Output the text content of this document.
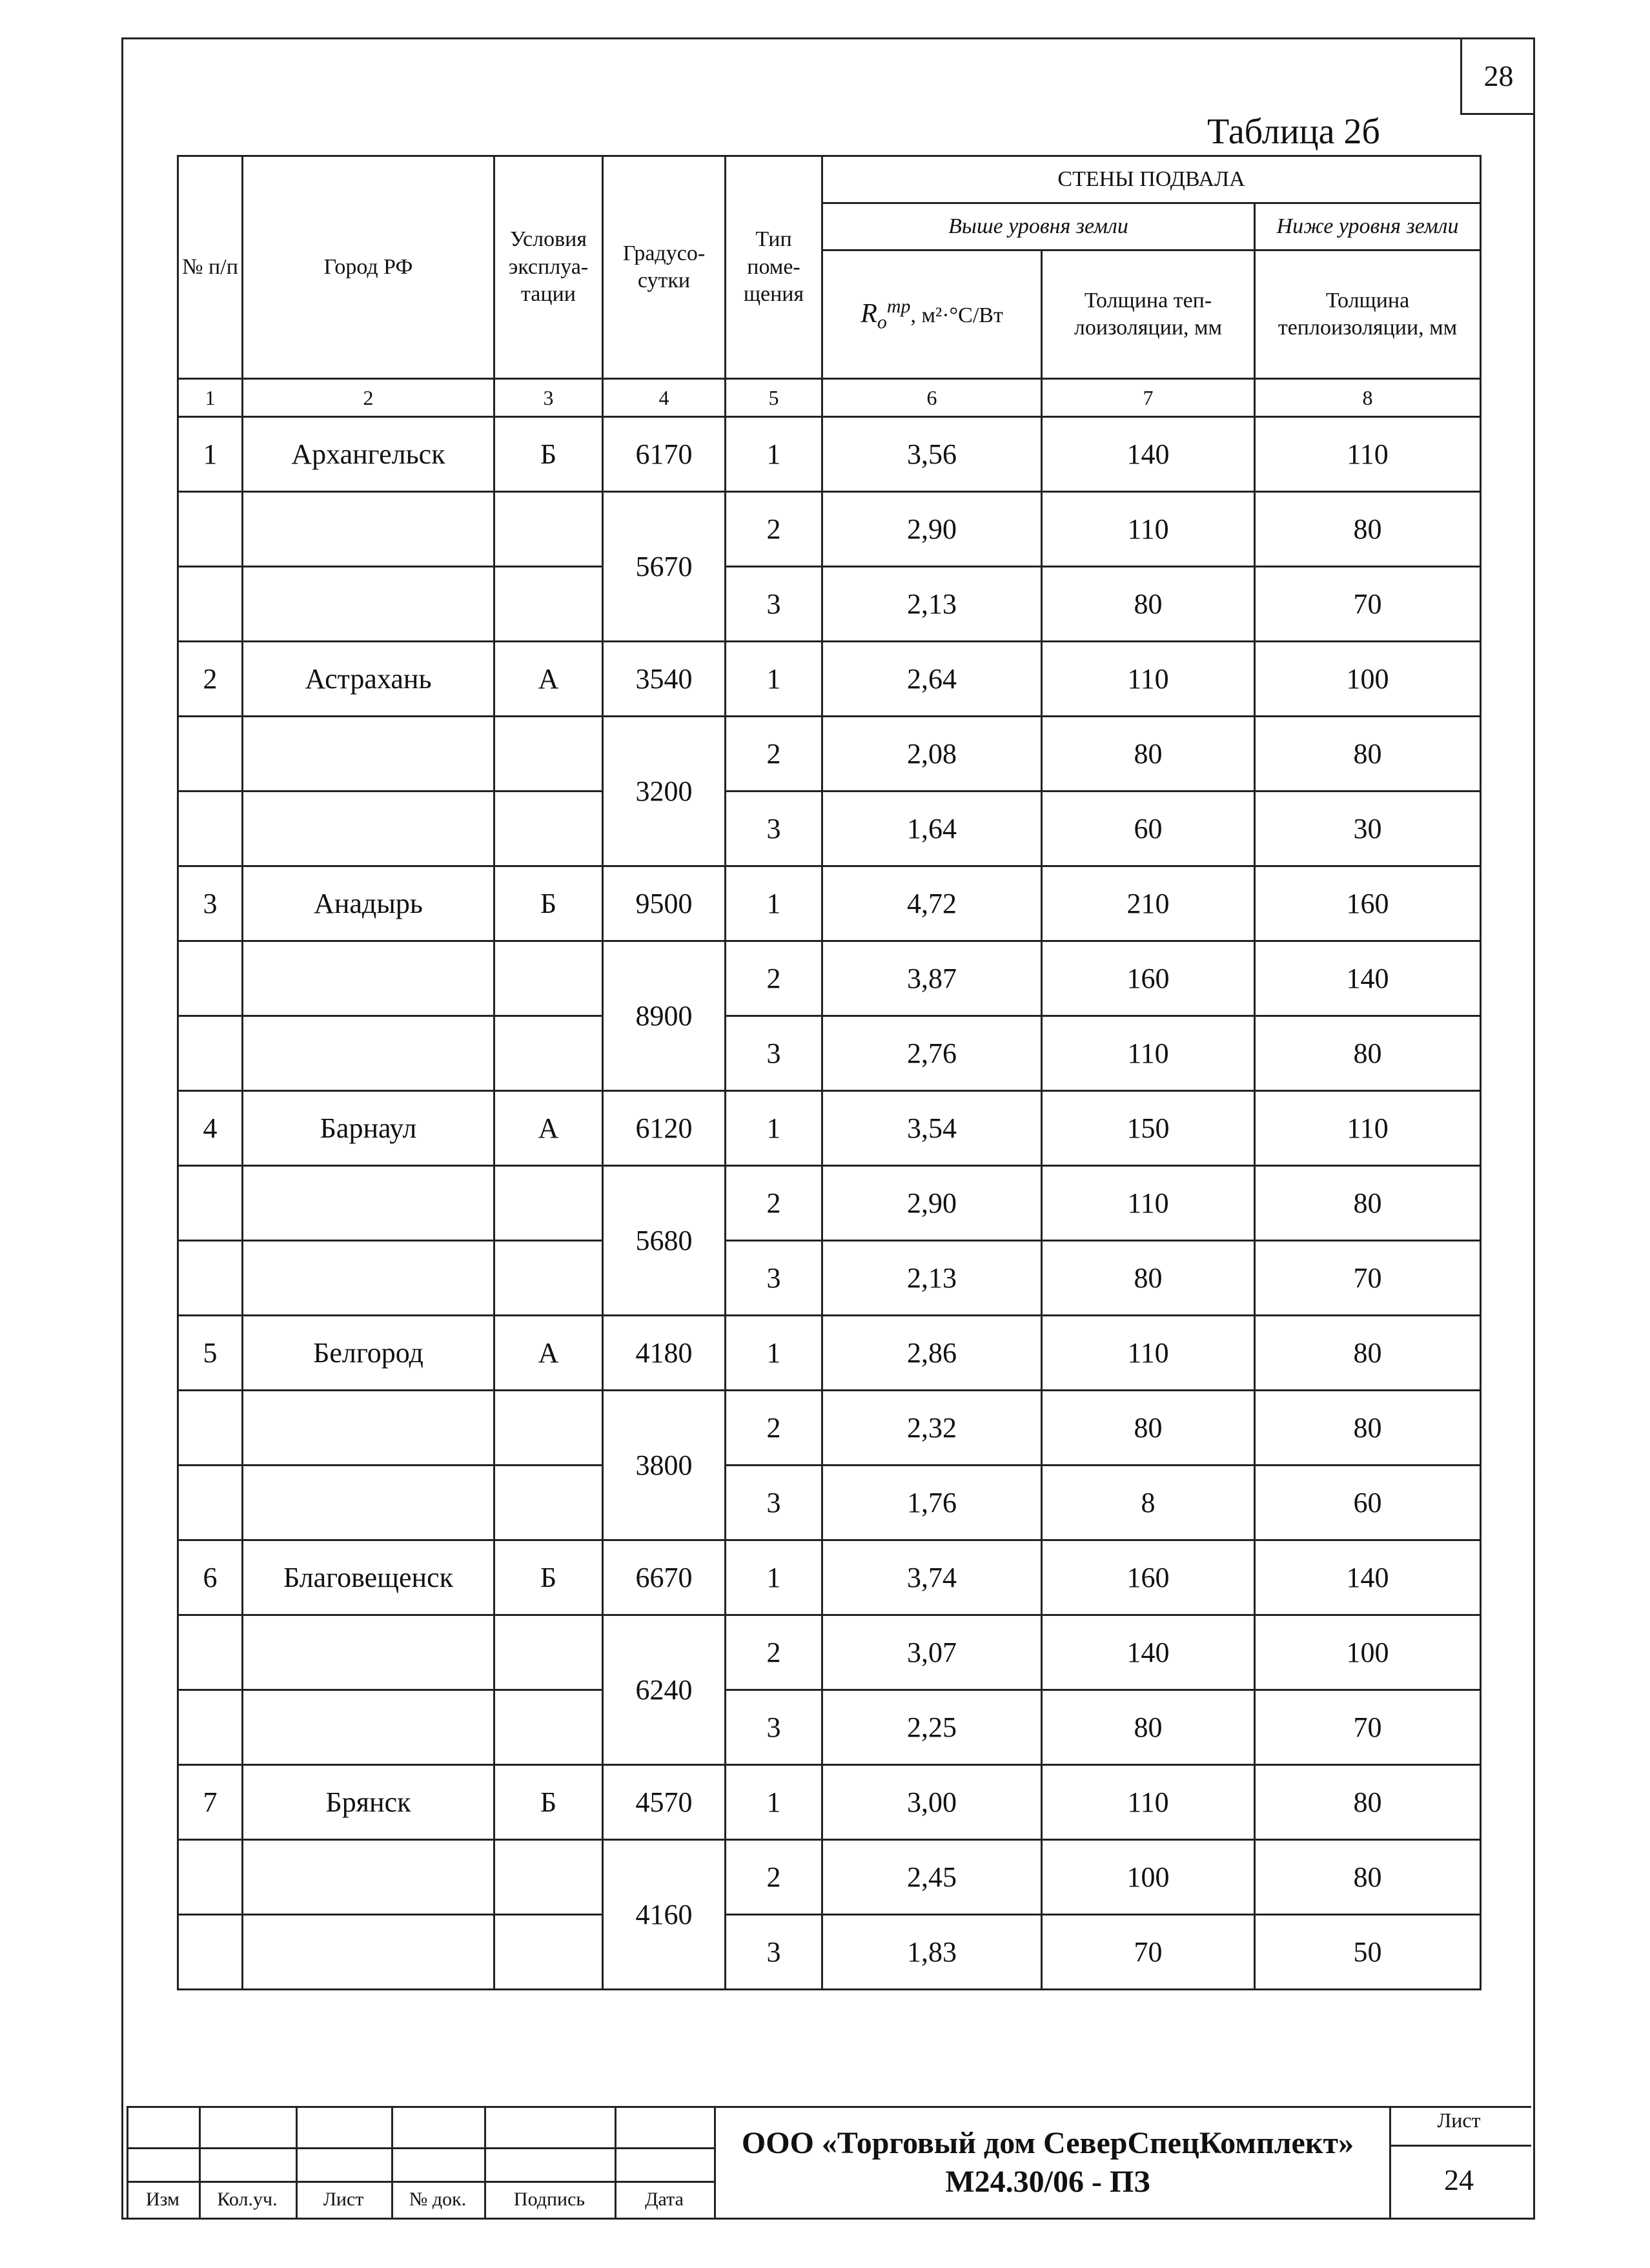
28
Таблица 2б
№ п/п	Город РФ	Условия эксплуа-тации	Градусо-сутки	Тип поме-щения	СТЕНЫ ПОДВАЛА		
					Выше уровня земли		Ниже уровня земли
					$R_o^{тр}$, м²·°С/Вт	Толщина теп-лоизоляции, мм	Толщина теплоизоляции, мм
1	2	3	4	5	6	7	8
1	Архангельск	Б	6170	1	3,56	140	110
			5670	2	2,90	110	80
				3	2,13	80	70
2	Астрахань	А	3540	1	2,64	110	100
			3200	2	2,08	80	80
				3	1,64	60	30
3	Анадырь	Б	9500	1	4,72	210	160
			8900	2	3,87	160	140
				3	2,76	110	80
4	Барнаул	А	6120	1	3,54	150	110
			5680	2	2,90	110	80
				3	2,13	80	70
5	Белгород	А	4180	1	2,86	110	80
			3800	2	2,32	80	80
				3	1,76	8	60
6	Благовещенск	Б	6670	1	3,74	160	140
			6240	2	3,07	140	100
				3	2,25	80	70
7	Брянск	Б	4570	1	3,00	110	80
			4160	2	2,45	100	80
				3	1,83	70	50
Изм	Кол.уч.	Лист	№ док.	Подпись	Дата
ООО «Торговый дом СеверСпецКомплект»
М24.30/06 - ПЗ
Лист
24
